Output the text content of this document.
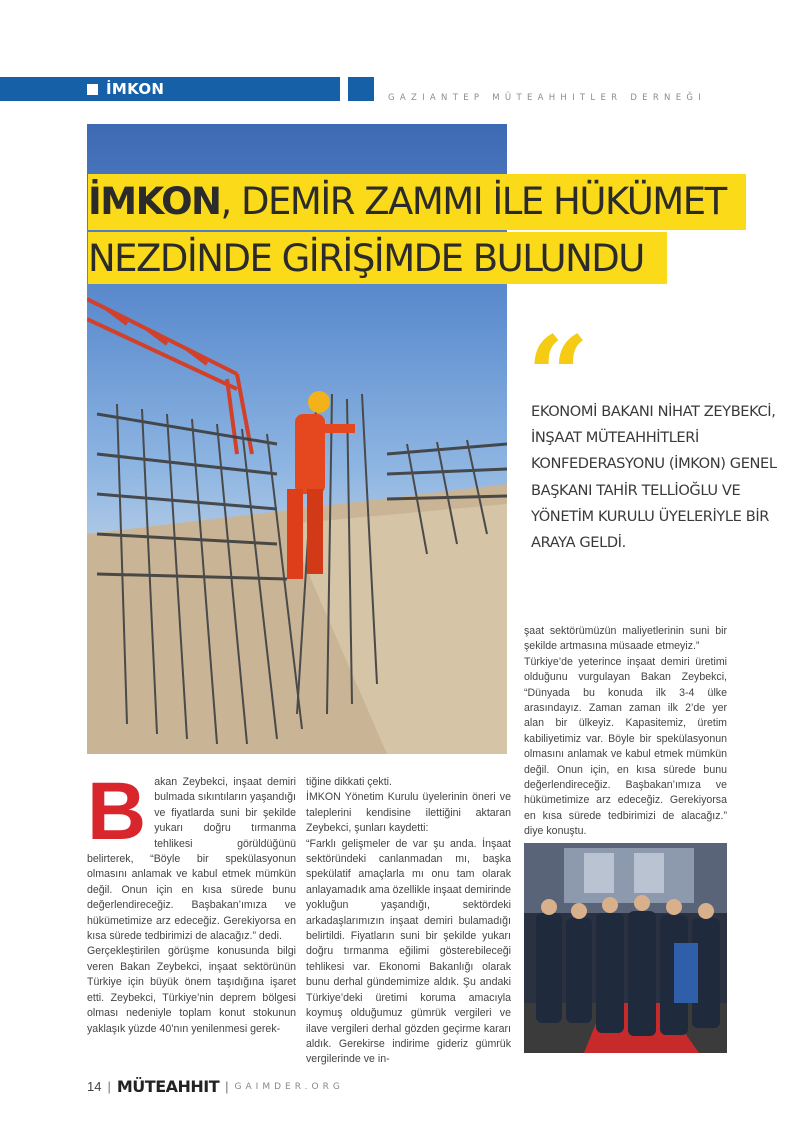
İMKON	GAZIANTEP MÜTEAHHITLER DERNEĞI
İMKON, DEMİR ZAMMI İLE HÜKÜMET
NEZDİNDE GİRİŞİMDE BULUNDU
“
EKONOMİ BAKANI NİHAT ZEYBEKCİ, İNŞAAT MÜTEAHHİTLERİ KONFEDERASYONU (İMKON) GENEL BAŞKANI TAHİR TELLİOĞLU VE YÖNETİM KURULU ÜYELERİYLE BİR ARAYA GELDİ.
şaat sektörümüzün maliyetlerinin suni bir şekilde artmasına müsaade etmeyiz.”
Türkiye’de yeterince inşaat demiri üretimi olduğunu vurgulayan Bakan Zeybekci, “Dünyada bu konuda ilk 3-4 ülke arasındayız. Zaman zaman ilk 2’de yer alan bir ülkeyiz. Kapasitemiz, üretim kabiliyetimiz var. Böyle bir spekülasyonun olmasını anlamak ve kabul etmek mümkün değil. Onun için, en kısa sürede bunu değerlendireceğiz. Başbakan’ımıza ve hükümetimize arz edeceğiz. Gerekiyorsa en kısa sürede tedbirimizi de alacağız.” diye konuştu.
Bakan Zeybekci, inşaat demiri bulmada sıkıntıların yaşandığı ve fiyatlarda suni bir şekilde yukarı doğru tırmanma tehlikesi görüldüğünü belirterek, “Böyle bir spekülasyonun olmasını anlamak ve kabul etmek mümkün değil. Onun için en kısa sürede bunu değerlendireceğiz. Başbakan’ımıza ve hükümetimize arz edeceğiz. Gerekiyorsa en kısa sürede tedbirimizi de alacağız.” dedi.
Gerçekleştirilen görüşme konusunda bilgi veren Bakan Zeybekci, inşaat sektörünün Türkiye için büyük önem taşıdığına işaret etti. Zeybekci, Türkiye’nin deprem bölgesi olması nedeniyle toplam konut stokunun yaklaşık yüzde 40’nın yenilenmesi gerek-
tiğine dikkati çekti.
İMKON Yönetim Kurulu üyelerinin öneri ve taleplerini kendisine ilettiğini aktaran Zeybekci, şunları kaydetti:
“Farklı gelişmeler de var şu anda. İnşaat sektöründeki canlanmadan mı, başka spekülatif amaçlarla mı onu tam olarak anlayamadık ama özellikle inşaat demirinde yokluğun yaşandığı, sektördeki arkadaşlarımızın inşaat demiri bulamadığı belirtildi. Fiyatların suni bir şekilde yukarı doğru tırmanma eğilimi gösterebileceği tehlikesi var. Ekonomi Bakanlığı olarak bunu derhal gündemimize aldık. Şu andaki Türkiye’deki üretimi koruma amacıyla koymuş olduğumuz gümrük vergileri ve ilave vergileri derhal gözden geçirme kararı aldık. Gerekirse indirime gideriz gümrük vergilerinde ve in-
14 | MÜTEAHHIT | GAIMDER.ORG
